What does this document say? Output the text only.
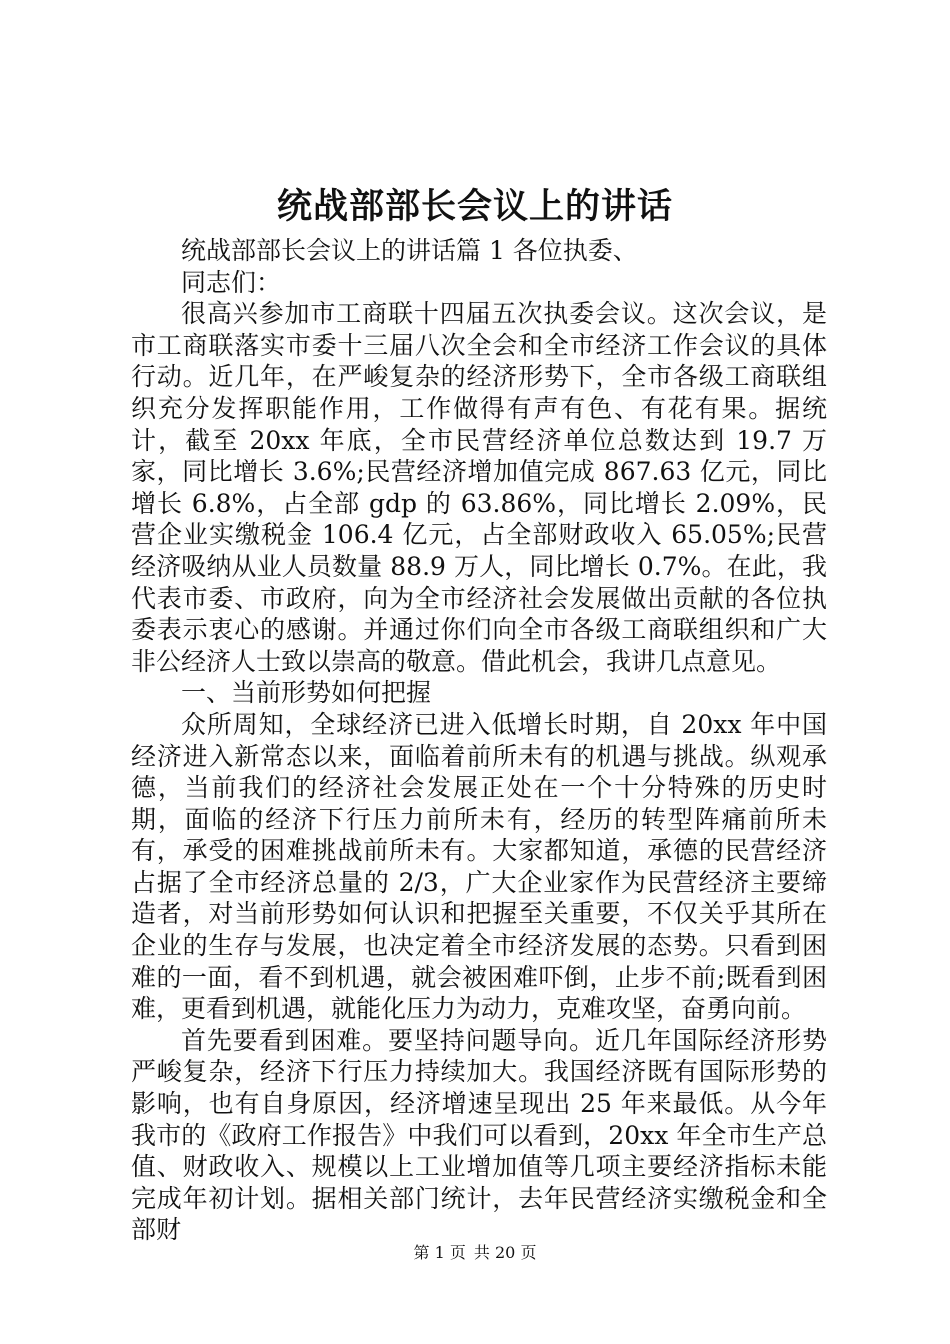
统战部部长会议上的讲话

统战部部长会议上的讲话篇 1 各位执委、

同志们：

很高兴参加市工商联十四届五次执委会议。这次会议，是市工商联落实市委十三届八次全会和全市经济工作会议的具体行动。近几年，在严峻复杂的经济形势下，全市各级工商联组织充分发挥职能作用，工作做得有声有色、有花有果。据统计，截至 20xx 年底，全市民营经济单位总数达到 19.7 万家，同比增长 3.6%;民营经济增加值完成 867.63 亿元，同比增长 6.8%，占全部 gdp 的 63.86%，同比增长 2.09%，民营企业实缴税金 106.4 亿元，占全部财政收入 65.05%;民营经济吸纳从业人员数量 88.9 万人，同比增长 0.7%。在此，我代表市委、市政府，向为全市经济社会发展做出贡献的各位执委表示衷心的感谢。并通过你们向全市各级工商联组织和广大非公经济人士致以崇高的敬意。借此机会，我讲几点意见。

一、当前形势如何把握

众所周知，全球经济已进入低增长时期，自 20xx 年中国经济进入新常态以来，面临着前所未有的机遇与挑战。纵观承德，当前我们的经济社会发展正处在一个十分特殊的历史时期，面临的经济下行压力前所未有，经历的转型阵痛前所未有，承受的困难挑战前所未有。大家都知道，承德的民营经济占据了全市经济总量的 2/3，广大企业家作为民营经济主要缔造者，对当前形势如何认识和把握至关重要，不仅关乎其所在企业的生存与发展，也决定着全市经济发展的态势。只看到困难的一面，看不到机遇，就会被困难吓倒，止步不前;既看到困难，更看到机遇，就能化压力为动力，克难攻坚，奋勇向前。

首先要看到困难。要坚持问题导向。近几年国际经济形势严峻复杂，经济下行压力持续加大。我国经济既有国际形势的影响，也有自身原因，经济增速呈现出 25 年来最低。从今年我市的《政府工作报告》中我们可以看到，20xx 年全市生产总值、财政收入、规模以上工业增加值等几项主要经济指标未能完成年初计划。据相关部门统计，去年民营经济实缴税金和全部财

第 1 页 共 20 页
